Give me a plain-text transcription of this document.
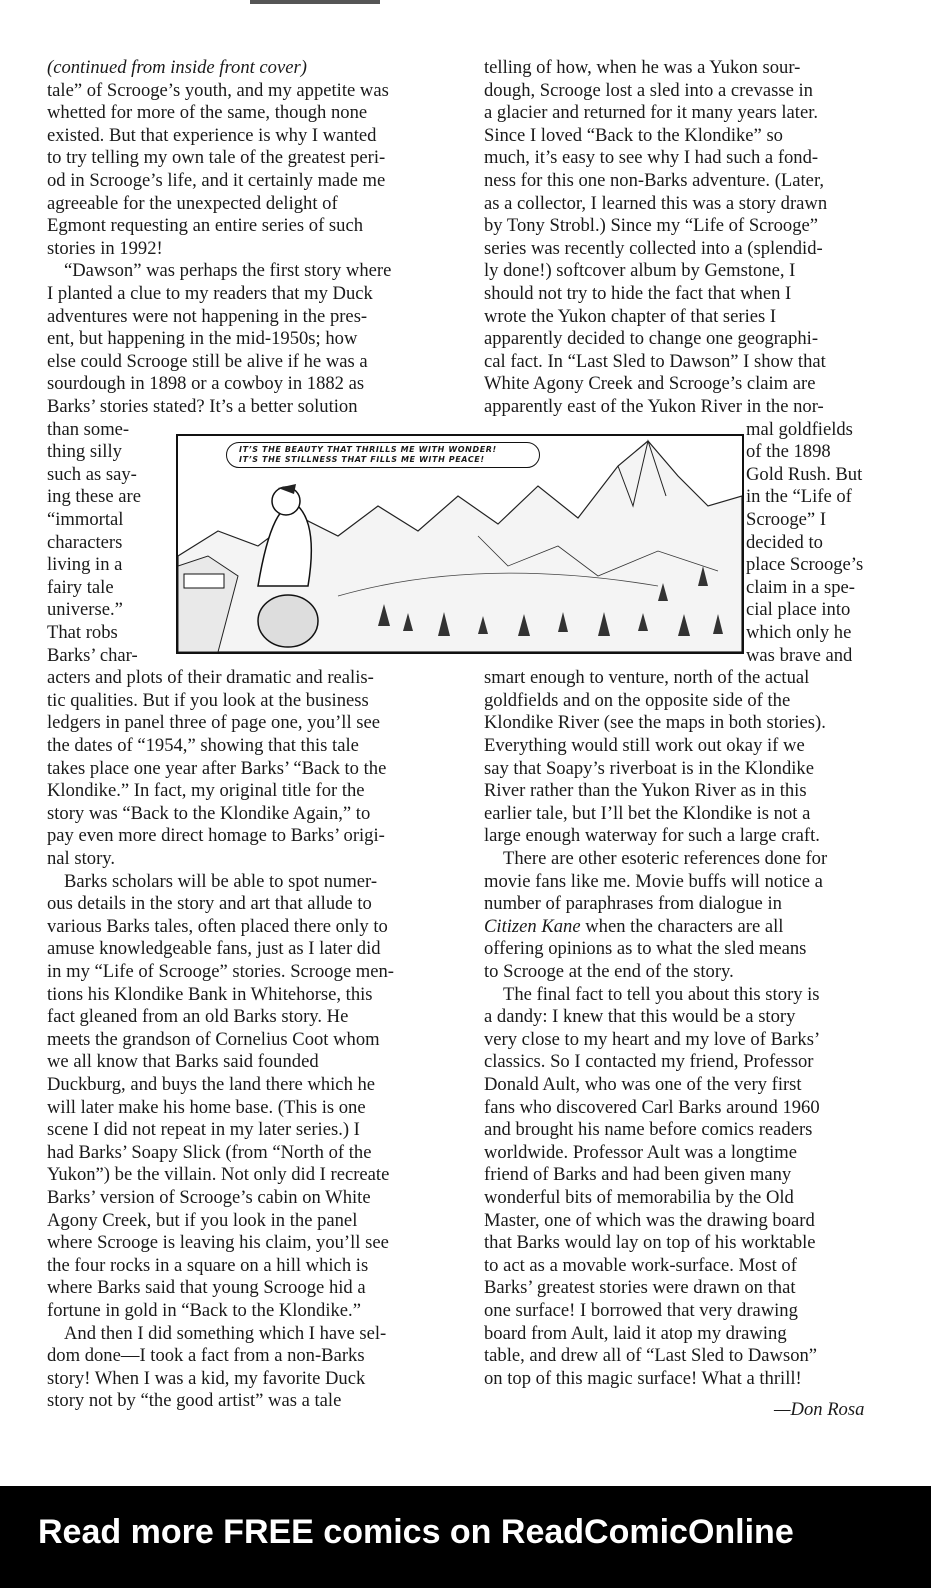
(continued from inside front cover)
tale” of Scrooge’s youth, and my appetite was
whetted for more of the same, though none
existed. But that experience is why I wanted
to try telling my own tale of the greatest peri-
od in Scrooge’s life, and it certainly made me
agreeable for the unexpected delight of
Egmont requesting an entire series of such
stories in 1992!
“Dawson” was perhaps the first story where
I planted a clue to my readers that my Duck
adventures were not happening in the pres-
ent, but happening in the mid-1950s; how
else could Scrooge still be alive if he was a
sourdough in 1898 or a cowboy in 1882 as
Barks’ stories stated? It’s a better solution
than some-
thing silly
such as say-
ing these are
“immortal
characters
living in a
fairy tale
universe.”
That robs
Barks’ char-
acters and plots of their dramatic and realis-
tic qualities. But if you look at the business
ledgers in panel three of page one, you’ll see
the dates of “1954,” showing that this tale
takes place one year after Barks’ “Back to the
Klondike.” In fact, my original title for the
story was “Back to the Klondike Again,” to
pay even more direct homage to Barks’ origi-
nal story.
Barks scholars will be able to spot numer-
ous details in the story and art that allude to
various Barks tales, often placed there only to
amuse knowledgeable fans, just as I later did
in my “Life of Scrooge” stories. Scrooge men-
tions his Klondike Bank in Whitehorse, this
fact gleaned from an old Barks story. He
meets the grandson of Cornelius Coot whom
we all know that Barks said founded
Duckburg, and buys the land there which he
will later make his home base. (This is one
scene I did not repeat in my later series.) I
had Barks’ Soapy Slick (from “North of the
Yukon”) be the villain. Not only did I recreate
Barks’ version of Scrooge’s cabin on White
Agony Creek, but if you look in the panel
where Scrooge is leaving his claim, you’ll see
the four rocks in a square on a hill which is
where Barks said that young Scrooge hid a
fortune in gold in “Back to the Klondike.”
And then I did something which I have sel-
dom done—I took a fact from a non-Barks
story! When I was a kid, my favorite Duck
story not by “the good artist” was a tale
telling of how, when he was a Yukon sour-
dough, Scrooge lost a sled into a crevasse in
a glacier and returned for it many years later.
Since I loved “Back to the Klondike” so
much, it’s easy to see why I had such a fond-
ness for this one non-Barks adventure. (Later,
as a collector, I learned this was a story drawn
by Tony Strobl.) Since my “Life of Scrooge”
series was recently collected into a (splendid-
ly done!) softcover album by Gemstone, I
should not try to hide the fact that when I
wrote the Yukon chapter of that series I
apparently decided to change one geographi-
cal fact. In “Last Sled to Dawson” I show that
White Agony Creek and Scrooge’s claim are
apparently east of the Yukon River in the nor-
mal goldfields
of the 1898
Gold Rush. But
in the “Life of
Scrooge” I
decided to
place Scrooge’s
claim in a spe-
cial place into
which only he
was brave and
smart enough to venture, north of the actual
goldfields and on the opposite side of the
Klondike River (see the maps in both stories).
Everything would still work out okay if we
say that Soapy’s riverboat is in the Klondike
River rather than the Yukon River as in this
earlier tale, but I’ll bet the Klondike is not a
large enough waterway for such a large craft.
There are other esoteric references done for
movie fans like me. Movie buffs will notice a
number of paraphrases from dialogue in
Citizen Kane when the characters are all
offering opinions as to what the sled means
to Scrooge at the end of the story.
The final fact to tell you about this story is
a dandy: I knew that this would be a story
very close to my heart and my love of Barks’
classics. So I contacted my friend, Professor
Donald Ault, who was one of the very first
fans who discovered Carl Barks around 1960
and brought his name before comics readers
worldwide. Professor Ault was a longtime
friend of Barks and had been given many
wonderful bits of memorabilia by the Old
Master, one of which was the drawing board
that Barks would lay on top of his worktable
to act as a movable work-surface. Most of
Barks’ greatest stories were drawn on that
one surface! I borrowed that very drawing
board from Ault, laid it atop my drawing
table, and drew all of “Last Sled to Dawson”
on top of this magic surface! What a thrill!
—Don Rosa
IT’S THE BEAUTY THAT THRILLS ME WITH WONDER!
IT’S THE STILLNESS THAT FILLS ME WITH PEACE!
Read more FREE comics on ReadComicOnline
